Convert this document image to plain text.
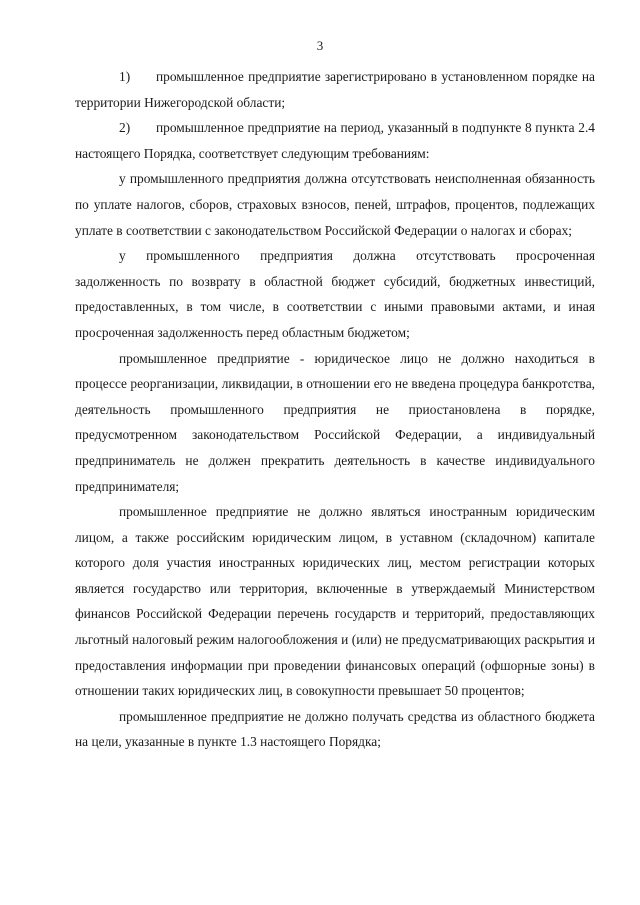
3

1) промышленное предприятие зарегистрировано в установленном порядке на территории Нижегородской области;

2) промышленное предприятие на период, указанный в подпункте 8 пункта 2.4 настоящего Порядка, соответствует следующим требованиям:

у промышленного предприятия должна отсутствовать неисполненная обязанность по уплате налогов, сборов, страховых взносов, пеней, штрафов, процентов, подлежащих уплате в соответствии с законодательством Российской Федерации о налогах и сборах;

у промышленного предприятия должна отсутствовать просроченная задолженность по возврату в областной бюджет субсидий, бюджетных инвестиций, предоставленных, в том числе, в соответствии с иными правовыми актами, и иная просроченная задолженность перед областным бюджетом;

промышленное предприятие - юридическое лицо не должно находиться в процессе реорганизации, ликвидации, в отношении его не введена процедура банкротства, деятельность промышленного предприятия не приостановлена в порядке, предусмотренном законодательством Российской Федерации, а индивидуальный предприниматель не должен прекратить деятельность в качестве индивидуального предпринимателя;

промышленное предприятие не должно являться иностранным юридическим лицом, а также российским юридическим лицом, в уставном (складочном) капитале которого доля участия иностранных юридических лиц, местом регистрации которых является государство или территория, включенные в утверждаемый Министерством финансов Российской Федерации перечень государств и территорий, предоставляющих льготный налоговый режим налогообложения и (или) не предусматривающих раскрытия и предоставления информации при проведении финансовых операций (офшорные зоны) в отношении таких юридических лиц, в совокупности превышает 50 процентов;

промышленное предприятие не должно получать средства из областного бюджета на цели, указанные в пункте 1.3 настоящего Порядка;
